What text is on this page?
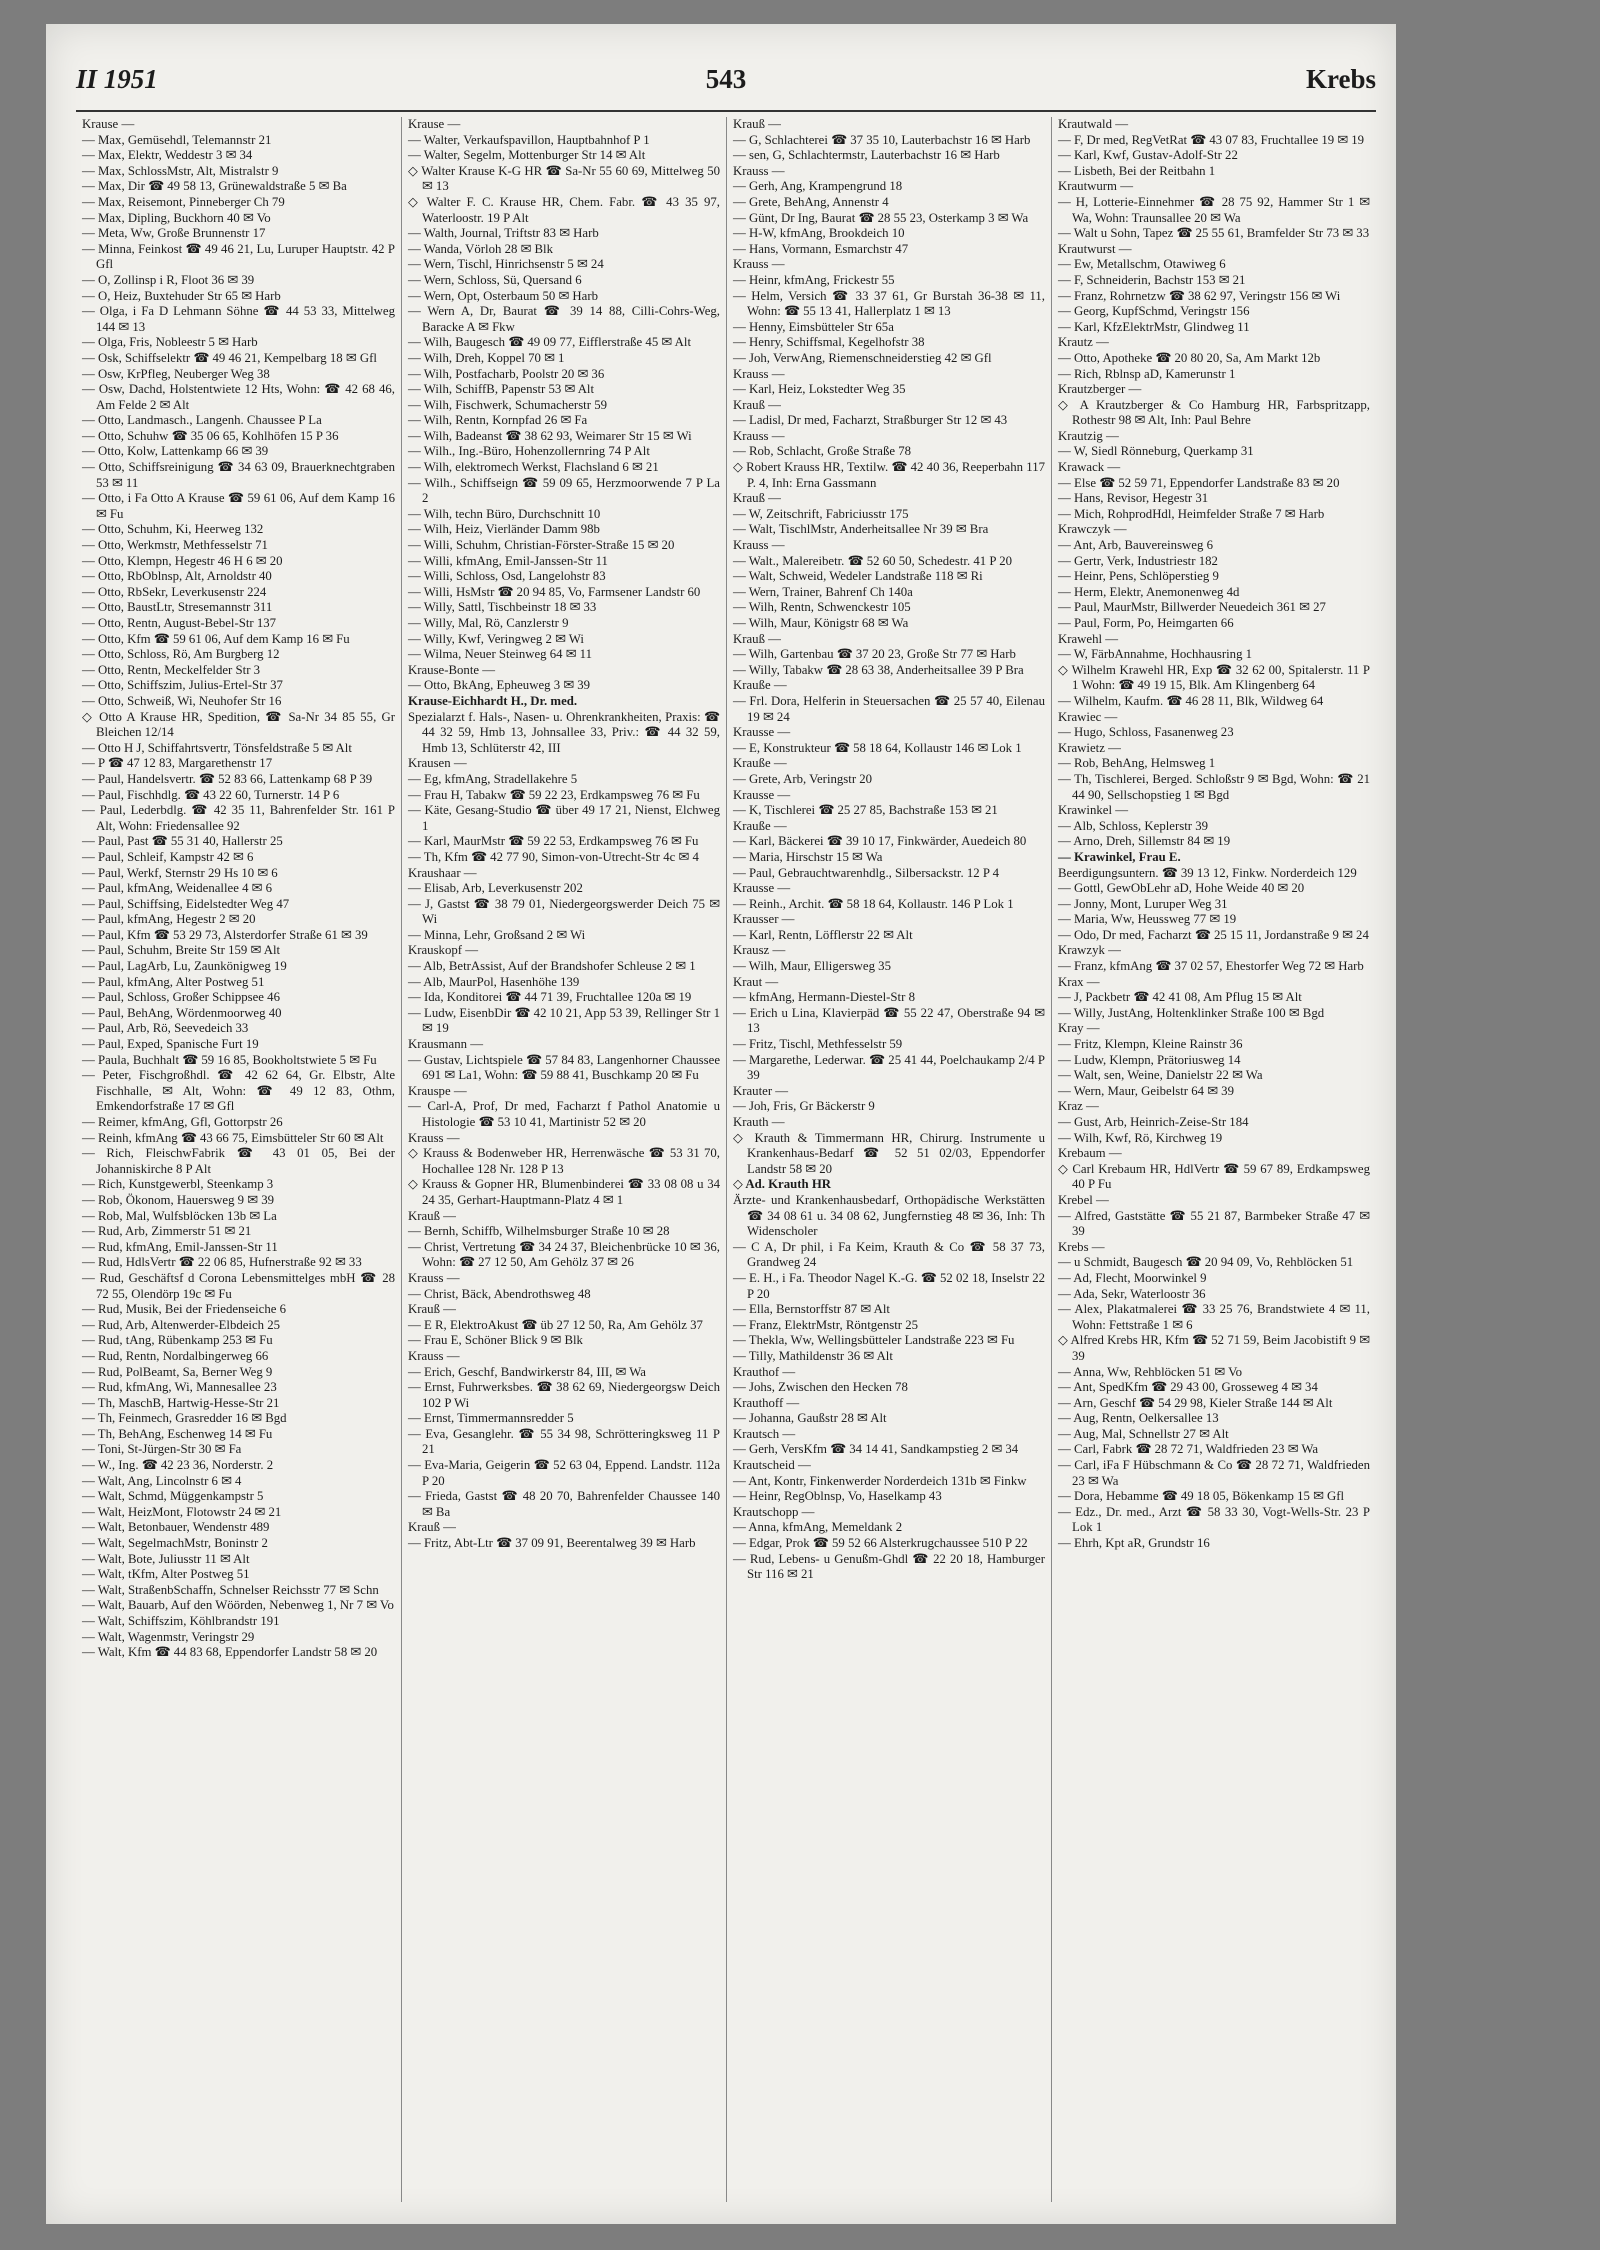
II 1951	543	Krebs

Krause —

— Max, Gemüsehdl, Telemannstr 21

— Max, Elektr, Weddestr 3 ✉ 34

— Max, SchlossMstr, Alt, Mistralstr 9

— Max, Dir ☎ 49 58 13, Grünewaldstraße 5 ✉ Ba

— Max, Reisemont, Pinneberger Ch 79

— Max, Dipling, Buckhorn 40 ✉ Vo

— Meta, Ww, Große Brunnenstr 17

— Minna, Feinkost ☎ 49 46 21, Lu, Luruper Hauptstr. 42 P Gfl

— O, Zollinsp i R, Floot 36 ✉ 39

— O, Heiz, Buxtehuder Str 65 ✉ Harb

— Olga, i Fa D Lehmann Söhne ☎ 44 53 33, Mittelweg 144 ✉ 13

— Olga, Fris, Nobleestr 5 ✉ Harb

— Osk, Schiffselektr ☎ 49 46 21, Kempelbarg 18 ✉ Gfl

— Osw, KrPfleg, Neuberger Weg 38

— Osw, Dachd, Holstentwiete 12 Hts, Wohn: ☎ 42 68 46, Am Felde 2 ✉ Alt

— Otto, Landmasch., Langenh. Chaussee P La

— Otto, Schuhw ☎ 35 06 65, Kohlhöfen 15 P 36

— Otto, Kolw, Lattenkamp 66 ✉ 39

— Otto, Schiffsreinigung ☎ 34 63 09, Brauerknechtgraben 53 ✉ 11

— Otto, i Fa Otto A Krause ☎ 59 61 06, Auf dem Kamp 16 ✉ Fu

— Otto, Schuhm, Ki, Heerweg 132

— Otto, Werkmstr, Methfesselstr 71

— Otto, Klempn, Hegestr 46 H 6 ✉ 20

— Otto, RbOblnsp, Alt, Arnoldstr 40

— Otto, RbSekr, Leverkusenstr 224

— Otto, BaustLtr, Stresemannstr 311

— Otto, Rentn, August-Bebel-Str 137

— Otto, Kfm ☎ 59 61 06, Auf dem Kamp 16 ✉ Fu

— Otto, Schloss, Rö, Am Burgberg 12

— Otto, Rentn, Meckelfelder Str 3

— Otto, Schiffszim, Julius-Ertel-Str 37

— Otto, Schweiß, Wi, Neuhofer Str 16

◇ Otto A Krause HR, Spedition, ☎ Sa-Nr 34 85 55, Gr Bleichen 12/14

— Otto H J, Schiffahrtsvertr, Tönsfeldstraße 5 ✉ Alt

— P ☎ 47 12 83, Margarethenstr 17

— Paul, Handelsvertr. ☎ 52 83 66, Lattenkamp 68 P 39

— Paul, Fischhdlg. ☎ 43 22 60, Turnerstr. 14 P 6

— Paul, Lederbdlg. ☎ 42 35 11, Bahrenfelder Str. 161 P Alt, Wohn: Friedensallee 92

— Paul, Past ☎ 55 31 40, Hallerstr 25

— Paul, Schleif, Kampstr 42 ✉ 6

— Paul, Werkf, Sternstr 29 Hs 10 ✉ 6

— Paul, kfmAng, Weidenallee 4 ✉ 6

— Paul, Schiffsing, Eidelstedter Weg 47

— Paul, kfmAng, Hegestr 2 ✉ 20

— Paul, Kfm ☎ 53 29 73, Alsterdorfer Straße 61 ✉ 39

— Paul, Schuhm, Breite Str 159 ✉ Alt

— Paul, LagArb, Lu, Zaunkönigweg 19

— Paul, kfmAng, Alter Postweg 51

— Paul, Schloss, Großer Schippsee 46

— Paul, BehAng, Wördenmoorweg 40

— Paul, Arb, Rö, Seevedeich 33

— Paul, Exped, Spanische Furt 19

— Paula, Buchhalt ☎ 59 16 85, Bookholtstwiete 5 ✉ Fu

— Peter, Fischgroßhdl. ☎ 42 62 64, Gr. Elbstr, Alte Fischhalle, ✉ Alt, Wohn: ☎ 49 12 83, Othm, Emkendorfstraße 17 ✉ Gfl

— Reimer, kfmAng, Gfl, Gottorpstr 26

— Reinh, kfmAng ☎ 43 66 75, Eimsbütteler Str 60 ✉ Alt

— Rich, FleischwFabrik ☎ 43 01 05, Bei der Johanniskirche 8 P Alt

— Rich, Kunstgewerbl, Steenkamp 3

— Rob, Ökonom, Hauersweg 9 ✉ 39

— Rob, Mal, Wulfsblöcken 13b ✉ La

— Rud, Arb, Zimmerstr 51 ✉ 21

— Rud, kfmAng, Emil-Janssen-Str 11

— Rud, HdlsVertr ☎ 22 06 85, Hufnerstraße 92 ✉ 33

— Rud, Geschäftsf d Corona Lebensmittelges mbH ☎ 28 72 55, Olendörp 19c ✉ Fu

— Rud, Musik, Bei der Friedenseiche 6

— Rud, Arb, Altenwerder-Elbdeich 25

— Rud, tAng, Rübenkamp 253 ✉ Fu

— Rud, Rentn, Nordalbingerweg 66

— Rud, PolBeamt, Sa, Berner Weg 9

— Rud, kfmAng, Wi, Mannesallee 23

— Th, MaschB, Hartwig-Hesse-Str 21

— Th, Feinmech, Grasredder 16 ✉ Bgd

— Th, BehAng, Eschenweg 14 ✉ Fu

— Toni, St-Jürgen-Str 30 ✉ Fa

— W., Ing. ☎ 42 23 36, Norderstr. 2

— Walt, Ang, Lincolnstr 6 ✉ 4

— Walt, Schmd, Müggenkampstr 5

— Walt, HeizMont, Flotowstr 24 ✉ 21

— Walt, Betonbauer, Wendenstr 489

— Walt, SegelmachMstr, Boninstr 2

— Walt, Bote, Juliusstr 11 ✉ Alt

— Walt, tKfm, Alter Postweg 51

— Walt, StraßenbSchaffn, Schnelser Reichsstr 77 ✉ Schn

— Walt, Bauarb, Auf den Wöörden, Nebenweg 1, Nr 7 ✉ Vo

— Walt, Schiffszim, Köhlbrandstr 191

— Walt, Wagenmstr, Veringstr 29

— Walt, Kfm ☎ 44 83 68, Eppendorfer Landstr 58 ✉ 20

Krause —

— Walter, Verkaufspavillon, Hauptbahnhof P 1

— Walter, Segelm, Mottenburger Str 14 ✉ Alt

◇ Walter Krause K-G HR ☎ Sa-Nr 55 60 69, Mittelweg 50 ✉ 13

◇ Walter F. C. Krause HR, Chem. Fabr. ☎ 43 35 97, Waterloostr. 19 P Alt

— Walth, Journal, Triftstr 83 ✉ Harb

— Wanda, Vörloh 28 ✉ Blk

— Wern, Tischl, Hinrichsenstr 5 ✉ 24

— Wern, Schloss, Sü, Quersand 6

— Wern, Opt, Osterbaum 50 ✉ Harb

— Wern A, Dr, Baurat ☎ 39 14 88, Cilli-Cohrs-Weg, Baracke A ✉ Fkw

— Wilh, Baugesch ☎ 49 09 77, Eifflerstraße 45 ✉ Alt

— Wilh, Dreh, Koppel 70 ✉ 1

— Wilh, Postfacharb, Poolstr 20 ✉ 36

— Wilh, SchiffB, Papenstr 53 ✉ Alt

— Wilh, Fischwerk, Schumacherstr 59

— Wilh, Rentn, Kornpfad 26 ✉ Fa

— Wilh, Badeanst ☎ 38 62 93, Weimarer Str 15 ✉ Wi

— Wilh., Ing.-Büro, Hohenzollernring 74 P Alt

— Wilh, elektromech Werkst, Flachsland 6 ✉ 21

— Wilh., Schiffseign ☎ 59 09 65, Herzmoorwende 7 P La 2

— Wilh, techn Büro, Durchschnitt 10

— Wilh, Heiz, Vierländer Damm 98b

— Willi, Schuhm, Christian-Förster-Straße 15 ✉ 20

— Willi, kfmAng, Emil-Janssen-Str 11

— Willi, Schloss, Osd, Langelohstr 83

— Willi, HsMstr ☎ 20 94 85, Vo, Farmsener Landstr 60

— Willy, Sattl, Tischbeinstr 18 ✉ 33

— Willy, Mal, Rö, Canzlerstr 9

— Willy, Kwf, Veringweg 2 ✉ Wi

— Wilma, Neuer Steinweg 64 ✉ 11

Krause-Bonte —

— Otto, BkAng, Epheuweg 3 ✉ 39

Krause-Eichhardt H., Dr. med.

Spezialarzt f. Hals-, Nasen- u. Ohrenkrankheiten, Praxis: ☎ 44 32 59, Hmb 13, Johnsallee 33, Priv.: ☎ 44 32 59, Hmb 13, Schlüterstr 42, III

Krausen —

— Eg, kfmAng, Stradellakehre 5

— Frau H, Tabakw ☎ 59 22 23, Erdkampsweg 76 ✉ Fu

— Käte, Gesang-Studio ☎ über 49 17 21, Nienst, Elchweg 1

— Karl, MaurMstr ☎ 59 22 53, Erdkampsweg 76 ✉ Fu

— Th, Kfm ☎ 42 77 90, Simon-von-Utrecht-Str 4c ✉ 4

Kraushaar —

— Elisab, Arb, Leverkusenstr 202

— J, Gastst ☎ 38 79 01, Niedergeorgswerder Deich 75 ✉ Wi

— Minna, Lehr, Großsand 2 ✉ Wi

Krauskopf —

— Alb, BetrAssist, Auf der Brandshofer Schleuse 2 ✉ 1

— Alb, MaurPol, Hasenhöhe 139

— Ida, Konditorei ☎ 44 71 39, Fruchtallee 120a ✉ 19

— Ludw, EisenbDir ☎ 42 10 21, App 53 39, Rellinger Str 1 ✉ 19

Krausmann —

— Gustav, Lichtspiele ☎ 57 84 83, Langenhorner Chaussee 691 ✉ La1, Wohn: ☎ 59 88 41, Buschkamp 20 ✉ Fu

Krauspe —

— Carl-A, Prof, Dr med, Facharzt f Pathol Anatomie u Histologie ☎ 53 10 41, Martinistr 52 ✉ 20

Krauss —

◇ Krauss & Bodenweber HR, Herrenwäsche ☎ 53 31 70, Hochallee 128 Nr. 128 P 13

◇ Krauss & Gopner HR, Blumenbinderei ☎ 33 08 08 u 34 24 35, Gerhart-Hauptmann-Platz 4 ✉ 1

Krauß —

— Bernh, Schiffb, Wilhelmsburger Straße 10 ✉ 28

— Christ, Vertretung ☎ 34 24 37, Bleichenbrücke 10 ✉ 36, Wohn: ☎ 27 12 50, Am Gehölz 37 ✉ 26

Krauss —

— Christ, Bäck, Abendrothsweg 48

Krauß —

— E R, ElektroAkust ☎ üb 27 12 50, Ra, Am Gehölz 37

— Frau E, Schöner Blick 9 ✉ Blk

Krauss —

— Erich, Geschf, Bandwirkerstr 84, III, ✉ Wa

— Ernst, Fuhrwerksbes. ☎ 38 62 69, Niedergeorgsw Deich 102 P Wi

— Ernst, Timmermannsredder 5

— Eva, Gesanglehr. ☎ 55 34 98, Schrötteringksweg 11 P 21

— Eva-Maria, Geigerin ☎ 52 63 04, Eppend. Landstr. 112a P 20

— Frieda, Gastst ☎ 48 20 70, Bahrenfelder Chaussee 140 ✉ Ba

Krauß —

— Fritz, Abt-Ltr ☎ 37 09 91, Beerentalweg 39 ✉ Harb

Krauß —

— G, Schlachterei ☎ 37 35 10, Lauterbachstr 16 ✉ Harb

— sen, G, Schlachtermstr, Lauterbachstr 16 ✉ Harb

Krauss —

— Gerh, Ang, Krampengrund 18

— Grete, BehAng, Annenstr 4

— Günt, Dr Ing, Baurat ☎ 28 55 23, Osterkamp 3 ✉ Wa

— H-W, kfmAng, Brookdeich 10

— Hans, Vormann, Esmarchstr 47

Krauss —

— Heinr, kfmAng, Frickestr 55

— Helm, Versich ☎ 33 37 61, Gr Burstah 36-38 ✉ 11, Wohn: ☎ 55 13 41, Hallerplatz 1 ✉ 13

— Henny, Eimsbütteler Str 65a

— Henry, Schiffsmal, Kegelhofstr 38

— Joh, VerwAng, Riemenschneiderstieg 42 ✉ Gfl

Krauss —

— Karl, Heiz, Lokstedter Weg 35

Krauß —

— Ladisl, Dr med, Facharzt, Straßburger Str 12 ✉ 43

Krauss —

— Rob, Schlacht, Große Straße 78

◇ Robert Krauss HR, Textilw. ☎ 42 40 36, Reeperbahn 117 P. 4, Inh: Erna Gassmann

Krauß —

— W, Zeitschrift, Fabriciusstr 175

— Walt, TischlMstr, Anderheitsallee Nr 39 ✉ Bra

Krauss —

— Walt., Malereibetr. ☎ 52 60 50, Schedestr. 41 P 20

— Walt, Schweid, Wedeler Landstraße 118 ✉ Ri

— Wern, Trainer, Bahrenf Ch 140a

— Wilh, Rentn, Schwenckestr 105

— Wilh, Maur, Königstr 68 ✉ Wa

Krauß —

— Wilh, Gartenbau ☎ 37 20 23, Große Str 77 ✉ Harb

— Willy, Tabakw ☎ 28 63 38, Anderheitsallee 39 P Bra

Krauße —

— Frl. Dora, Helferin in Steuersachen ☎ 25 57 40, Eilenau 19 ✉ 24

Krausse —

— E, Konstrukteur ☎ 58 18 64, Kollaustr 146 ✉ Lok 1

Krauße —

— Grete, Arb, Veringstr 20

Krausse —

— K, Tischlerei ☎ 25 27 85, Bachstraße 153 ✉ 21

Krauße —

— Karl, Bäckerei ☎ 39 10 17, Finkwärder, Auedeich 80

— Maria, Hirschstr 15 ✉ Wa

— Paul, Gebrauchtwarenhdlg., Silbersackstr. 12 P 4

Krausse —

— Reinh., Archit. ☎ 58 18 64, Kollaustr. 146 P Lok 1

Krausser —

— Karl, Rentn, Löfflerstr 22 ✉ Alt

Krausz —

— Wilh, Maur, Elligersweg 35

Kraut —

— kfmAng, Hermann-Diestel-Str 8

— Erich u Lina, Klavierpäd ☎ 55 22 47, Oberstraße 94 ✉ 13

— Fritz, Tischl, Methfesselstr 59

— Margarethe, Lederwar. ☎ 25 41 44, Poelchaukamp 2/4 P 39

Krauter —

— Joh, Fris, Gr Bäckerstr 9

Krauth —

◇ Krauth & Timmermann HR, Chirurg. Instrumente u Krankenhaus-Bedarf ☎ 52 51 02/03, Eppendorfer Landstr 58 ✉ 20

◇ Ad. Krauth HR

Ärzte- und Krankenhausbedarf, Orthopädische Werkstätten ☎ 34 08 61 u. 34 08 62, Jungfernstieg 48 ✉ 36, Inh: Th Widenscholer

— C A, Dr phil, i Fa Keim, Krauth & Co ☎ 58 37 73, Grandweg 24

— E. H., i Fa. Theodor Nagel K.-G. ☎ 52 02 18, Inselstr 22 P 20

— Ella, Bernstorffstr 87 ✉ Alt

— Franz, ElektrMstr, Röntgenstr 25

— Thekla, Ww, Wellingsbütteler Landstraße 223 ✉ Fu

— Tilly, Mathildenstr 36 ✉ Alt

Krauthof —

— Johs, Zwischen den Hecken 78

Krauthoff —

— Johanna, Gaußstr 28 ✉ Alt

Krautsch —

— Gerh, VersKfm ☎ 34 14 41, Sandkampstieg 2 ✉ 34

Krautscheid —

— Ant, Kontr, Finkenwerder Norderdeich 131b ✉ Finkw

— Heinr, RegOblnsp, Vo, Haselkamp 43

Krautschopp —

— Anna, kfmAng, Memeldank 2

— Edgar, Prok ☎ 59 52 66 Alsterkrugchaussee 510 P 22

— Rud, Lebens- u Genußm-Ghdl ☎ 22 20 18, Hamburger Str 116 ✉ 21

Krautwald —

— F, Dr med, RegVetRat ☎ 43 07 83, Fruchtallee 19 ✉ 19

— Karl, Kwf, Gustav-Adolf-Str 22

— Lisbeth, Bei der Reitbahn 1

Krautwurm —

— H, Lotterie-Einnehmer ☎ 28 75 92, Hammer Str 1 ✉ Wa, Wohn: Traunsallee 20 ✉ Wa

— Walt u Sohn, Tapez ☎ 25 55 61, Bramfelder Str 73 ✉ 33

Krautwurst —

— Ew, Metallschm, Otawiweg 6

— F, Schneiderin, Bachstr 153 ✉ 21

— Franz, Rohrnetzw ☎ 38 62 97, Veringstr 156 ✉ Wi

— Georg, KupfSchmd, Veringstr 156

— Karl, KfzElektrMstr, Glindweg 11

Krautz —

— Otto, Apotheke ☎ 20 80 20, Sa, Am Markt 12b

— Rich, Rblnsp aD, Kamerunstr 1

Krautzberger —

◇ A Krautzberger & Co Hamburg HR, Farbspritzapp, Rothestr 98 ✉ Alt, Inh: Paul Behre

Krautzig —

— W, Siedl Rönneburg, Querkamp 31

Krawack —

— Else ☎ 52 59 71, Eppendorfer Landstraße 83 ✉ 20

— Hans, Revisor, Hegestr 31

— Mich, RohprodHdl, Heimfelder Straße 7 ✉ Harb

Krawczyk —

— Ant, Arb, Bauvereinsweg 6

— Gertr, Verk, Industriestr 182

— Heinr, Pens, Schlöperstieg 9

— Herm, Elektr, Anemonenweg 4d

— Paul, MaurMstr, Billwerder Neuedeich 361 ✉ 27

— Paul, Form, Po, Heimgarten 66

Krawehl —

— W, FärbAnnahme, Hochhausring 1

◇ Wilhelm Krawehl HR, Exp ☎ 32 62 00, Spitalerstr. 11 P 1 Wohn: ☎ 49 19 15, Blk. Am Klingenberg 64

— Wilhelm, Kaufm. ☎ 46 28 11, Blk, Wildweg 64

Krawiec —

— Hugo, Schloss, Fasanenweg 23

Krawietz —

— Rob, BehAng, Helmsweg 1

— Th, Tischlerei, Berged. Schloßstr 9 ✉ Bgd, Wohn: ☎ 21 44 90, Sellschopstieg 1 ✉ Bgd

Krawinkel —

— Alb, Schloss, Keplerstr 39

— Arno, Dreh, Sillemstr 84 ✉ 19

— Krawinkel, Frau E.

Beerdigungsuntern. ☎ 39 13 12, Finkw. Norderdeich 129

— Gottl, GewObLehr aD, Hohe Weide 40 ✉ 20

— Jonny, Mont, Luruper Weg 31

— Maria, Ww, Heussweg 77 ✉ 19

— Odo, Dr med, Facharzt ☎ 25 15 11, Jordanstraße 9 ✉ 24

Krawzyk —

— Franz, kfmAng ☎ 37 02 57, Ehestorfer Weg 72 ✉ Harb

Krax —

— J, Packbetr ☎ 42 41 08, Am Pflug 15 ✉ Alt

— Willy, JustAng, Holtenklinker Straße 100 ✉ Bgd

Kray —

— Fritz, Klempn, Kleine Rainstr 36

— Ludw, Klempn, Prätoriusweg 14

— Walt, sen, Weine, Danielstr 22 ✉ Wa

— Wern, Maur, Geibelstr 64 ✉ 39

Kraz —

— Gust, Arb, Heinrich-Zeise-Str 184

— Wilh, Kwf, Rö, Kirchweg 19

Krebaum —

◇ Carl Krebaum HR, HdlVertr ☎ 59 67 89, Erdkampsweg 40 P Fu

Krebel —

— Alfred, Gaststätte ☎ 55 21 87, Barmbeker Straße 47 ✉ 39

Krebs —

— u Schmidt, Baugesch ☎ 20 94 09, Vo, Rehblöcken 51

— Ad, Flecht, Moorwinkel 9

— Ada, Sekr, Waterloostr 36

— Alex, Plakatmalerei ☎ 33 25 76, Brandstwiete 4 ✉ 11, Wohn: Fettstraße 1 ✉ 6

◇ Alfred Krebs HR, Kfm ☎ 52 71 59, Beim Jacobistift 9 ✉ 39

— Anna, Ww, Rehblöcken 51 ✉ Vo

— Ant, SpedKfm ☎ 29 43 00, Grosseweg 4 ✉ 34

— Arn, Geschf ☎ 54 29 98, Kieler Straße 144 ✉ Alt

— Aug, Rentn, Oelkersallee 13

— Aug, Mal, Schnellstr 27 ✉ Alt

— Carl, Fabrk ☎ 28 72 71, Waldfrieden 23 ✉ Wa

— Carl, iFa F Hübschmann & Co ☎ 28 72 71, Waldfrieden 23 ✉ Wa

— Dora, Hebamme ☎ 49 18 05, Bökenkamp 15 ✉ Gfl

— Edz., Dr. med., Arzt ☎ 58 33 30, Vogt-Wells-Str. 23 P Lok 1

— Ehrh, Kpt aR, Grundstr 16
